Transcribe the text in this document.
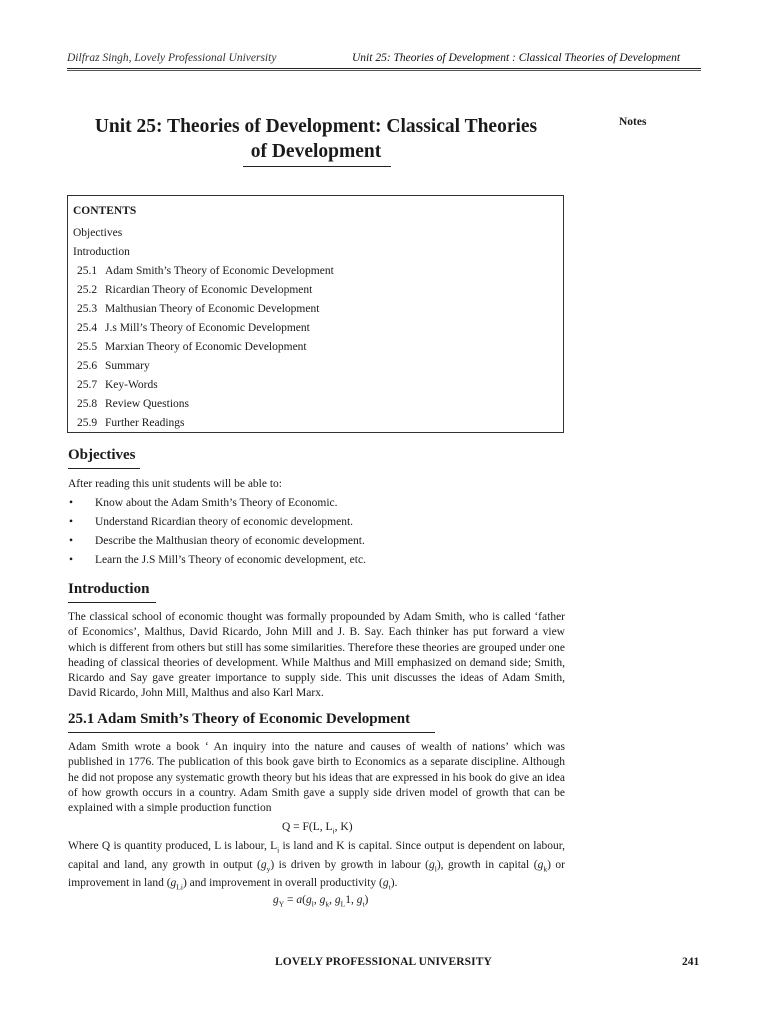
Dilfraz Singh, Lovely Professional University	Unit 25: Theories of Development : Classical Theories of Development
Notes
Unit 25: Theories of Development: Classical Theories
of Development
CONTENTS
Objectives
Introduction
25.1 Adam Smith’s Theory of Economic Development
25.2 Ricardian Theory of Economic Development
25.3 Malthusian Theory of Economic Development
25.4 J.s Mill’s Theory of Economic Development
25.5 Marxian Theory of Economic Development
25.6 Summary
25.7 Key-Words
25.8 Review Questions
25.9 Further Readings
Objectives
After reading this unit students will be able to:
• Know about the Adam Smith’s Theory of Economic.
• Understand Ricardian theory of economic development.
• Describe the Malthusian theory of economic development.
• Learn the J.S Mill’s Theory of economic development, etc.
Introduction
The classical school of economic thought was formally propounded by Adam Smith, who is called ‘father of Economics’, Malthus, David Ricardo, John Mill and J. B. Say. Each thinker has put forward a view which is different from others but still has some similarities. Therefore these theories are grouped under one heading of classical theories of development. While Malthus and Mill emphasized on demand side; Smith, Ricardo and Say gave greater importance to supply side. This unit discusses the ideas of Adam Smith, David Ricardo, John Mill, Malthus and also Karl Marx.
25.1 Adam Smith’s Theory of Economic Development
Adam Smith wrote a book ‘ An inquiry into the nature and causes of wealth of nations’ which was published in 1776. The publication of this book gave birth to Economics as a separate discipline. Although he did not propose any systematic growth theory but his ideas that are expressed in his book do give an idea of how growth occurs in a country. Adam Smith gave a supply side driven model of growth that can be explained with a simple production function
Q = F(L, $L_i$, K)
Where Q is quantity produced, L is labour, $L_i$ is land and K is capital. Since output is dependent on labour, capital and land, any growth in output $(g_y)$ is driven by growth in labour $(g_l)$, growth in capital $(g_k)$ or improvement in land $(g_{Li})$ and improvement in overall productivity $(g_t)$.
$g_Y = a(g_l$, $g_k$, $g_L1$, $g_t$)
LOVELY PROFESSIONAL UNIVERSITY	241
